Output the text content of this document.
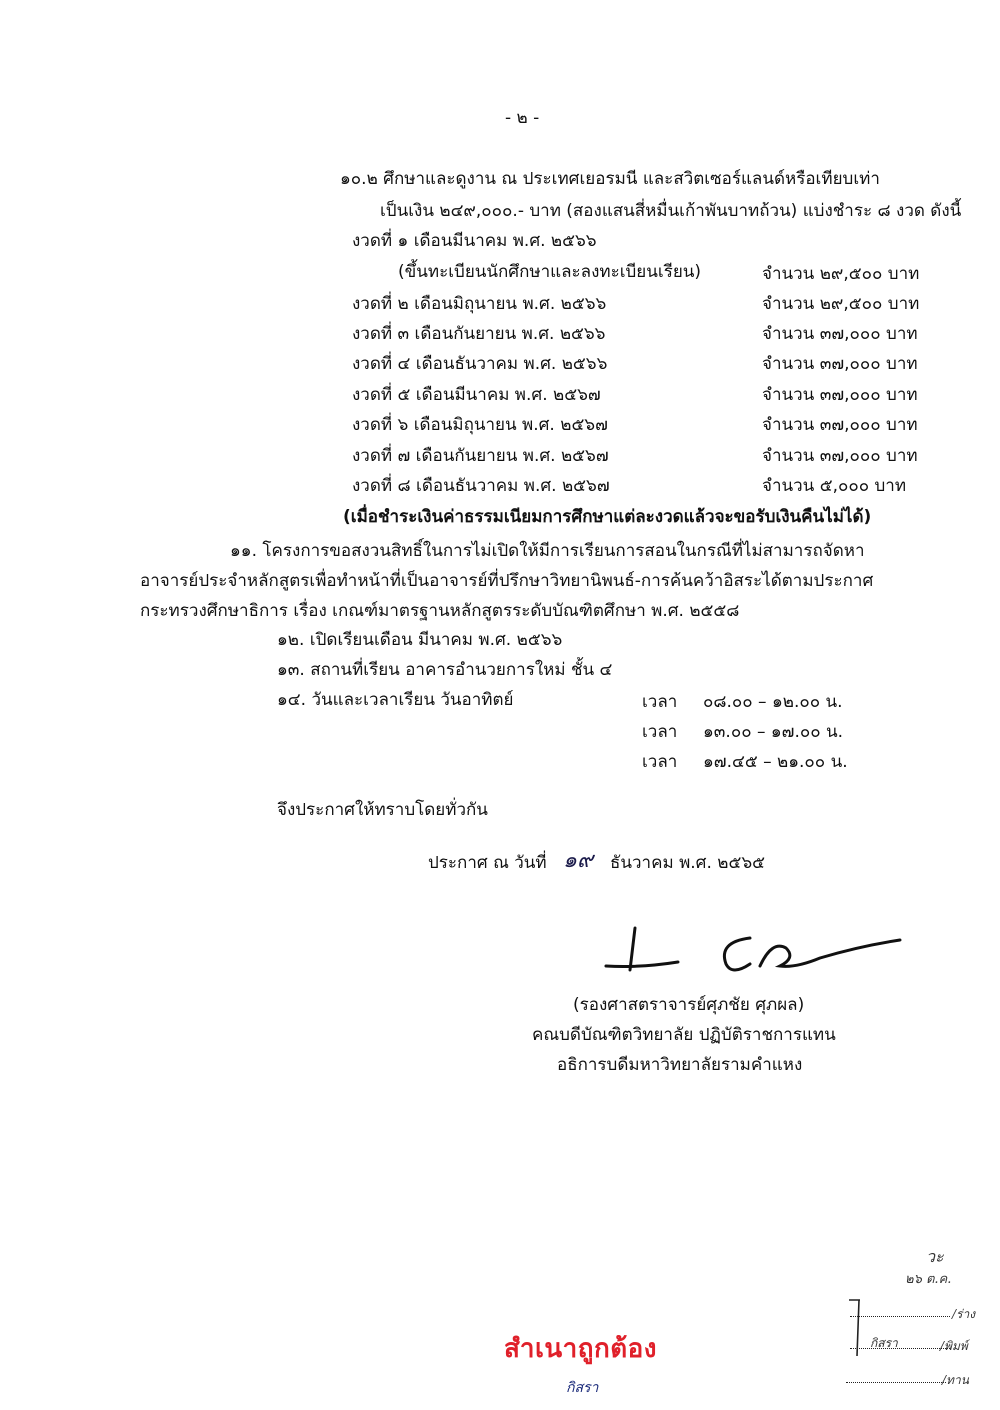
- ๒ -
๑๐.๒ ศึกษาและดูงาน ณ ประเทศเยอรมนี และสวิตเซอร์แลนด์หรือเทียบเท่า
เป็นเงิน ๒๔๙,๐๐๐.- บาท (สองแสนสี่หมื่นเก้าพันบาทถ้วน) แบ่งชำระ ๘ งวด ดังนี้
งวดที่ ๑ เดือนมีนาคม พ.ศ. ๒๕๖๖
(ขึ้นทะเบียนนักศึกษาและลงทะเบียนเรียน)	จำนวน ๒๙,๕๐๐ บาท
งวดที่ ๒ เดือนมิถุนายน พ.ศ. ๒๕๖๖	จำนวน ๒๙,๕๐๐ บาท
งวดที่ ๓ เดือนกันยายน พ.ศ. ๒๕๖๖	จำนวน ๓๗,๐๐๐ บาท
งวดที่ ๔ เดือนธันวาคม พ.ศ. ๒๕๖๖	จำนวน ๓๗,๐๐๐ บาท
งวดที่ ๕ เดือนมีนาคม พ.ศ. ๒๕๖๗	จำนวน ๓๗,๐๐๐ บาท
งวดที่ ๖ เดือนมิถุนายน พ.ศ. ๒๕๖๗	จำนวน ๓๗,๐๐๐ บาท
งวดที่ ๗ เดือนกันยายน พ.ศ. ๒๕๖๗	จำนวน ๓๗,๐๐๐ บาท
งวดที่ ๘ เดือนธันวาคม พ.ศ. ๒๕๖๗	จำนวน ๕,๐๐๐ บาท
(เมื่อชำระเงินค่าธรรมเนียมการศึกษาแต่ละงวดแล้วจะขอรับเงินคืนไม่ได้)
๑๑. โครงการขอสงวนสิทธิ์ในการไม่เปิดให้มีการเรียนการสอนในกรณีที่ไม่สามารถจัดหา
อาจารย์ประจำหลักสูตรเพื่อทำหน้าที่เป็นอาจารย์ที่ปรึกษาวิทยานิพนธ์-การค้นคว้าอิสระได้ตามประกาศ
กระทรวงศึกษาธิการ เรื่อง เกณฑ์มาตรฐานหลักสูตรระดับบัณฑิตศึกษา พ.ศ. ๒๕๕๘
๑๒. เปิดเรียนเดือน มีนาคม พ.ศ. ๒๕๖๖
๑๓. สถานที่เรียน อาคารอำนวยการใหม่ ชั้น ๔
๑๔. วันและเวลาเรียน วันอาทิตย์	เวลา ๐๘.๐๐ – ๑๒.๐๐ น.
เวลา ๑๓.๐๐ – ๑๗.๐๐ น.
เวลา ๑๗.๔๕ – ๒๑.๐๐ น.
จึงประกาศให้ทราบโดยทั่วกัน
ประกาศ ณ วันที่ ๑๙ ธันวาคม พ.ศ. ๒๕๖๕
(รองศาสตราจารย์ศุภชัย ศุภผล)
คณบดีบัณฑิตวิทยาลัย ปฏิบัติราชการแทน
อธิการบดีมหาวิทยาลัยรามคำแหง
สำเนาถูกต้อง
กิสรา
วะ
๒๖ ต.ค.
/ร่าง
กิสรา	/พิมพ์
/ทาน
